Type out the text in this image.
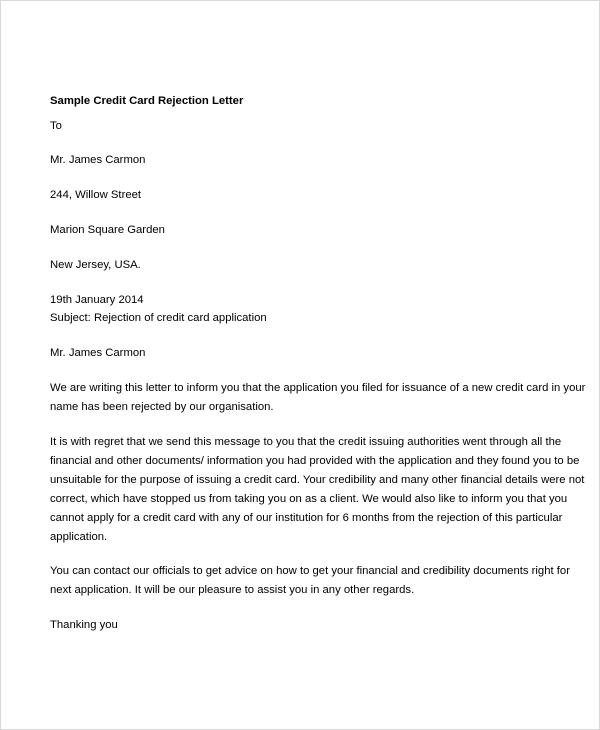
Sample Credit Card Rejection Letter
To
Mr. James Carmon
244, Willow Street
Marion Square Garden
New Jersey, USA.
19th January 2014
Subject: Rejection of credit card application
Mr. James Carmon
We are writing this letter to inform you that the application you filed for issuance of a new credit card in your
name has been rejected by our organisation.
It is with regret that we send this message to you that the credit issuing authorities went through all the
financial and other documents/ information you had provided with the application and they found you to be
unsuitable for the purpose of issuing a credit card. Your credibility and many other financial details were not
correct, which have stopped us from taking you on as a client. We would also like to inform you that you
cannot apply for a credit card with any of our institution for 6 months from the rejection of this particular
application.
You can contact our officials to get advice on how to get your financial and credibility documents right for
next application. It will be our pleasure to assist you in any other regards.
Thanking you
